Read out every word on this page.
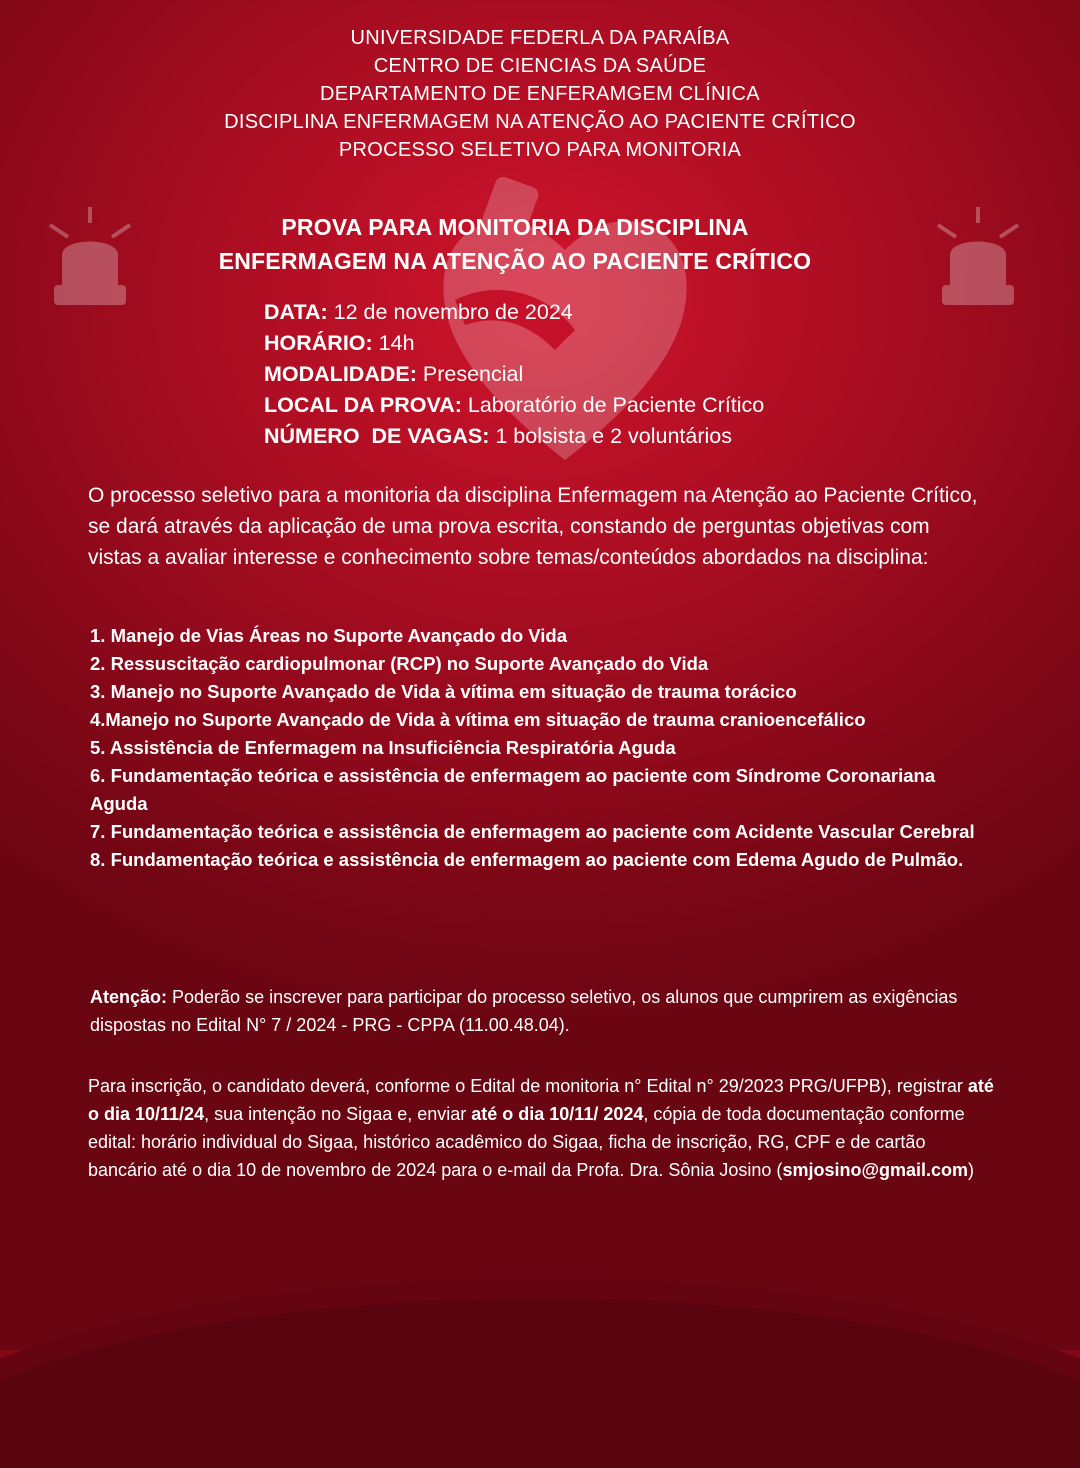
UNIVERSIDADE FEDERLA DA PARAÍBA
CENTRO DE CIENCIAS DA SAÚDE
DEPARTAMENTO DE ENFERAMGEM CLÍNICA
DISCIPLINA ENFERMAGEM NA ATENÇÃO AO PACIENTE CRÍTICO
PROCESSO SELETIVO PARA MONITORIA
PROVA PARA MONITORIA DA DISCIPLINA
ENFERMAGEM NA ATENÇÃO AO PACIENTE CRÍTICO
DATA: 12 de novembro de 2024
HORÁRIO: 14h
MODALIDADE: Presencial
LOCAL DA PROVA: Laboratório de Paciente Crítico
NÚMERO  DE VAGAS: 1 bolsista e 2 voluntários
O processo seletivo para a monitoria da disciplina Enfermagem na Atenção ao Paciente Crítico, se dará através da aplicação de uma prova escrita, constando de perguntas objetivas com vistas a avaliar interesse e conhecimento sobre temas/conteúdos abordados na disciplina:
1. Manejo de Vias Áreas no Suporte Avançado do Vida
2. Ressuscitação cardiopulmonar (RCP) no Suporte Avançado do Vida
3. Manejo no Suporte Avançado de Vida à vítima em situação de trauma torácico
4.Manejo no Suporte Avançado de Vida à vítima em situação de trauma cranioencefálico
5. Assistência de Enfermagem na Insuficiência Respiratória Aguda
6. Fundamentação teórica e assistência de enfermagem ao paciente com Síndrome Coronariana Aguda
7. Fundamentação teórica e assistência de enfermagem ao paciente com Acidente Vascular Cerebral
8. Fundamentação teórica e assistência de enfermagem ao paciente com Edema Agudo de Pulmão.
Atenção: Poderão se inscrever para participar do processo seletivo, os alunos que cumprirem as exigências dispostas no Edital N° 7 / 2024 - PRG - CPPA (11.00.48.04).
Para inscrição, o candidato deverá, conforme o Edital de monitoria n° Edital n° 29/2023 PRG/UFPB), registrar até o dia 10/11/24, sua intenção no Sigaa e, enviar até o dia 10/11/ 2024, cópia de toda documentação conforme edital: horário individual do Sigaa, histórico acadêmico do Sigaa, ficha de inscrição, RG, CPF e de cartão bancário até o dia 10 de novembro de 2024 para o e-mail da Profa. Dra. Sônia Josino (smjosino@gmail.com)
